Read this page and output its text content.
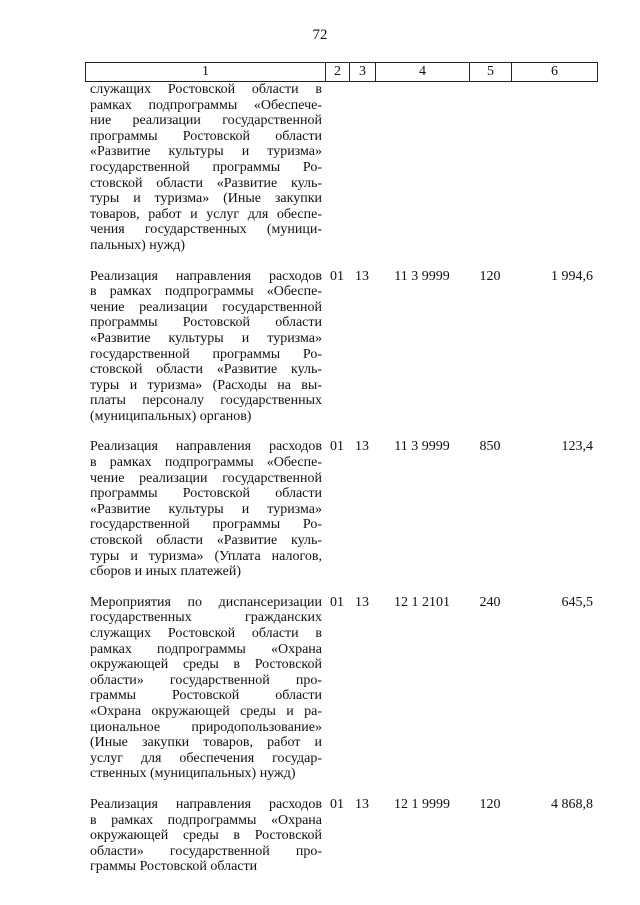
72
1	2	3	4	5	6
служащих Ростовской области в
рамках подпрограммы «Обеспече-
ние реализации государственной
программы Ростовской области
«Развитие культуры и туризма»
государственной программы Ро-
стовской области «Развитие куль-
туры и туризма» (Иные закупки
товаров, работ и услуг для обеспе-
чения государственных (муници-
пальных) нужд)
Реализация направления расходов
в рамках подпрограммы «Обеспе-
чение реализации государственной
программы Ростовской области
«Развитие культуры и туризма»
государственной программы Ро-
стовской области «Развитие куль-
туры и туризма» (Расходы на вы-
платы персоналу государственных
(муниципальных) органов)
01 13	11 3 9999	120	1 994,6
Реализация направления расходов
в рамках подпрограммы «Обеспе-
чение реализации государственной
программы Ростовской области
«Развитие культуры и туризма»
государственной программы Ро-
стовской области «Развитие куль-
туры и туризма» (Уплата налогов,
сборов и иных платежей)
01 13	11 3 9999	850	123,4
Мероприятия по диспансеризации
государственных гражданских
служащих Ростовской области в
рамках подпрограммы «Охрана
окружающей среды в Ростовской
области» государственной про-
граммы Ростовской области
«Охрана окружающей среды и ра-
циональное природопользование»
(Иные закупки товаров, работ и
услуг для обеспечения государ-
ственных (муниципальных) нужд)
01 13	12 1 2101	240	645,5
Реализация направления расходов
в рамках подпрограммы «Охрана
окружающей среды в Ростовской
области» государственной про-
граммы Ростовской области
01 13	12 1 9999	120	4 868,8
